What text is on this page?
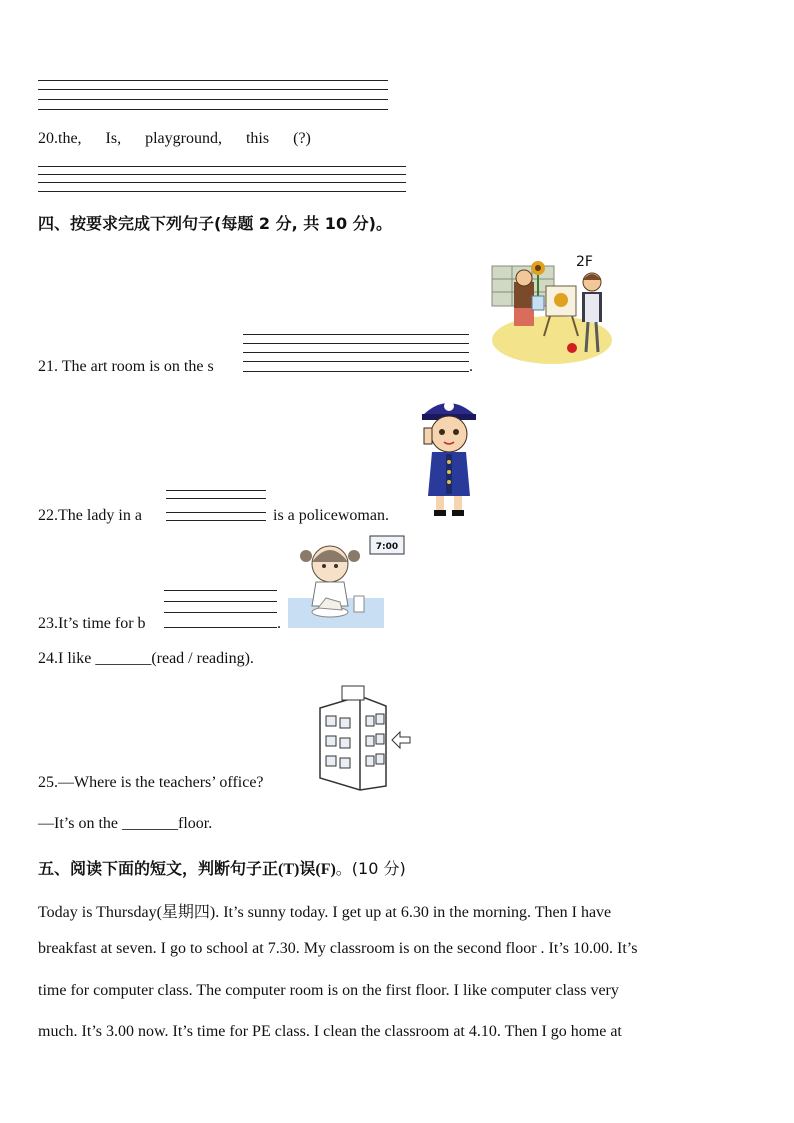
20.the, Is, playground, this (?)
四、按要求完成下列句子(每题 2 分, 共 10 分)。
2F
21. The art room is on the s	.
22.The lady in a	is a policewoman.
7:00
23.It’s time for b	.
24.I like _______(read / reading).
25.—Where is the teachers’ office?
—It’s on the _______floor.
五、阅读下面的短文，判断句子正(T)误(F)。(10 分)
Today is Thursday(星期四). It’s sunny today. I get up at 6.30 in the morning. Then I have
breakfast at seven. I go to school at 7.30. My classroom is on the second floor . It’s 10.00. It’s
time for computer class. The computer room is on the first floor. I like computer class very
much. It’s 3.00 now. It’s time for PE class. I clean the classroom at 4.10. Then I go home at
